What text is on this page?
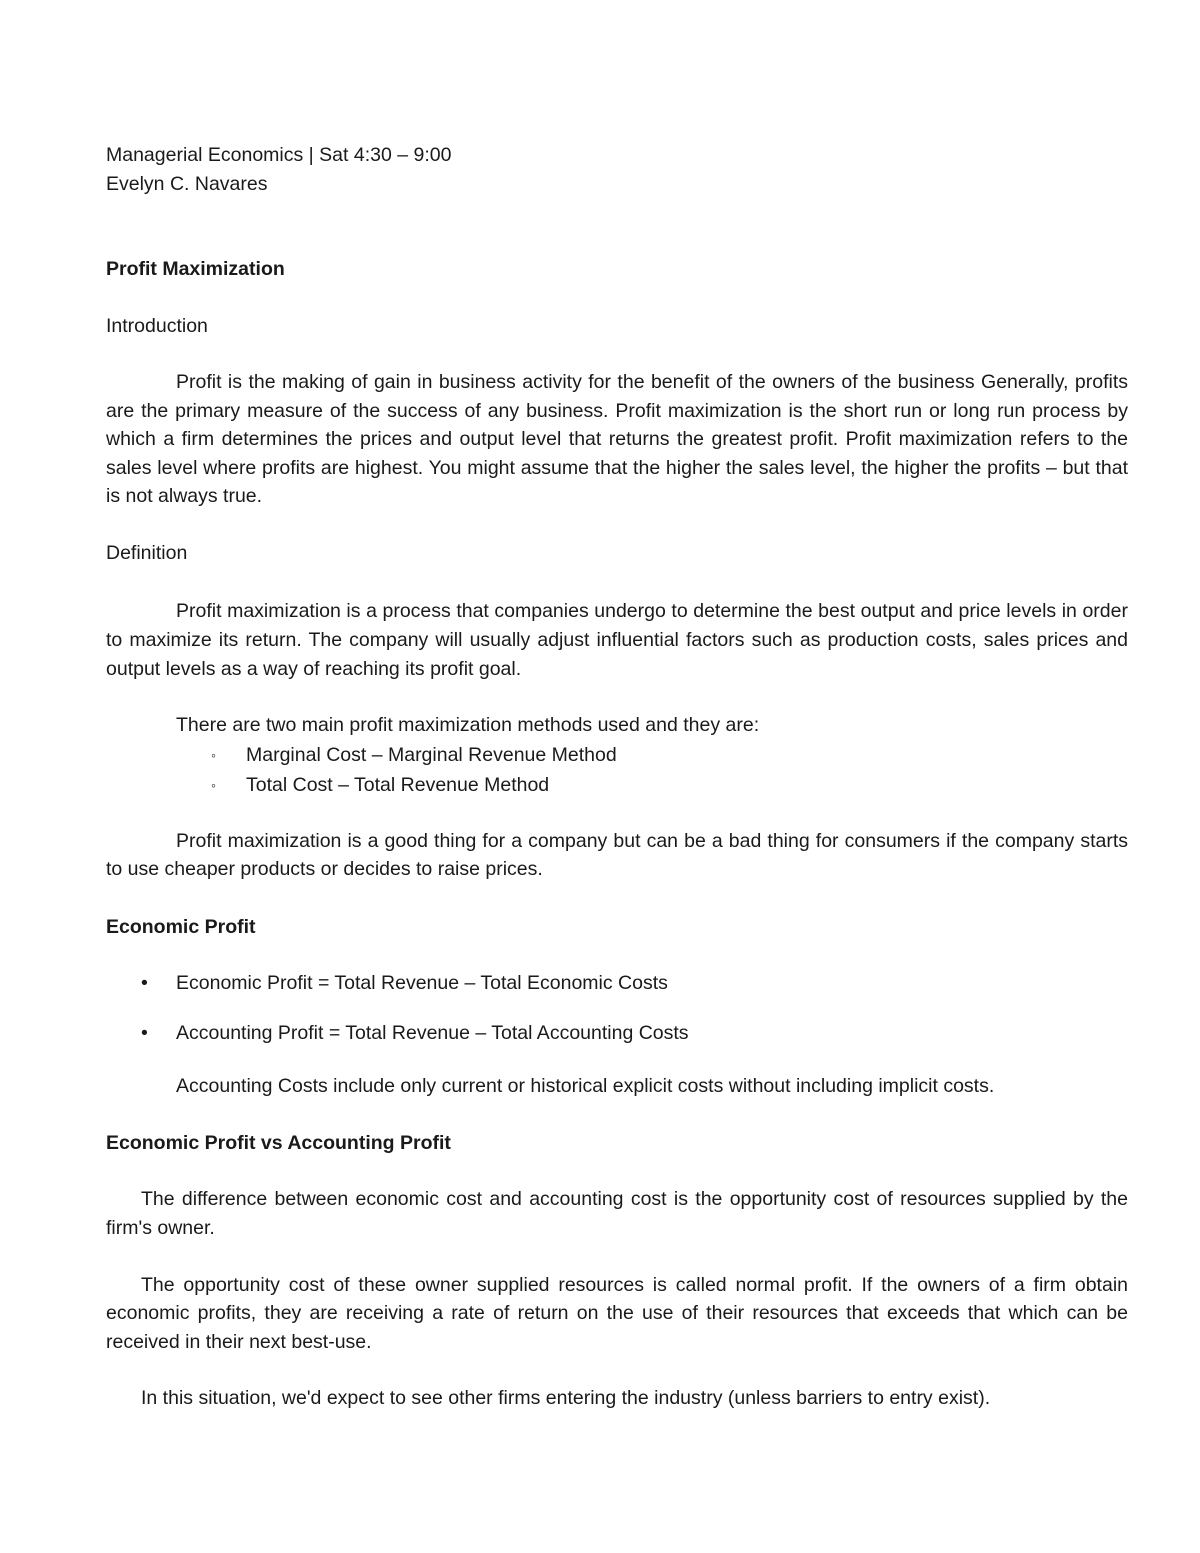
Managerial Economics | Sat 4:30 – 9:00

Evelyn C. Navares

Profit Maximization

Introduction

Profit is the making of gain in business activity for the benefit of the owners of the business Generally, profits are the primary measure of the success of any business. Profit maximization is the short run or long run process by which a firm determines the prices and output level that returns the greatest profit. Profit maximization refers to the sales level where profits are highest. You might assume that the higher the sales level, the higher the profits – but that is not always true.

Definition

Profit maximization is a process that companies undergo to determine the best output and price levels in order to maximize its return. The company will usually adjust influential factors such as production costs, sales prices and output levels as a way of reaching its profit goal.

There are two main profit maximization methods used and they are:

◦ Marginal Cost – Marginal Revenue Method
◦ Total Cost – Total Revenue Method

Profit maximization is a good thing for a company but can be a bad thing for consumers if the company starts to use cheaper products or decides to raise prices.

Economic Profit

• Economic Profit = Total Revenue – Total Economic Costs
• Accounting Profit = Total Revenue – Total Accounting Costs

Accounting Costs include only current or historical explicit costs without including implicit costs.

Economic Profit vs Accounting Profit

The difference between economic cost and accounting cost is the opportunity cost of resources supplied by the firm's owner.

The opportunity cost of these owner supplied resources is called normal profit. If the owners of a firm obtain economic profits, they are receiving a rate of return on the use of their resources that exceeds that which can be received in their next best-use.

In this situation, we'd expect to see other firms entering the industry (unless barriers to entry exist).
